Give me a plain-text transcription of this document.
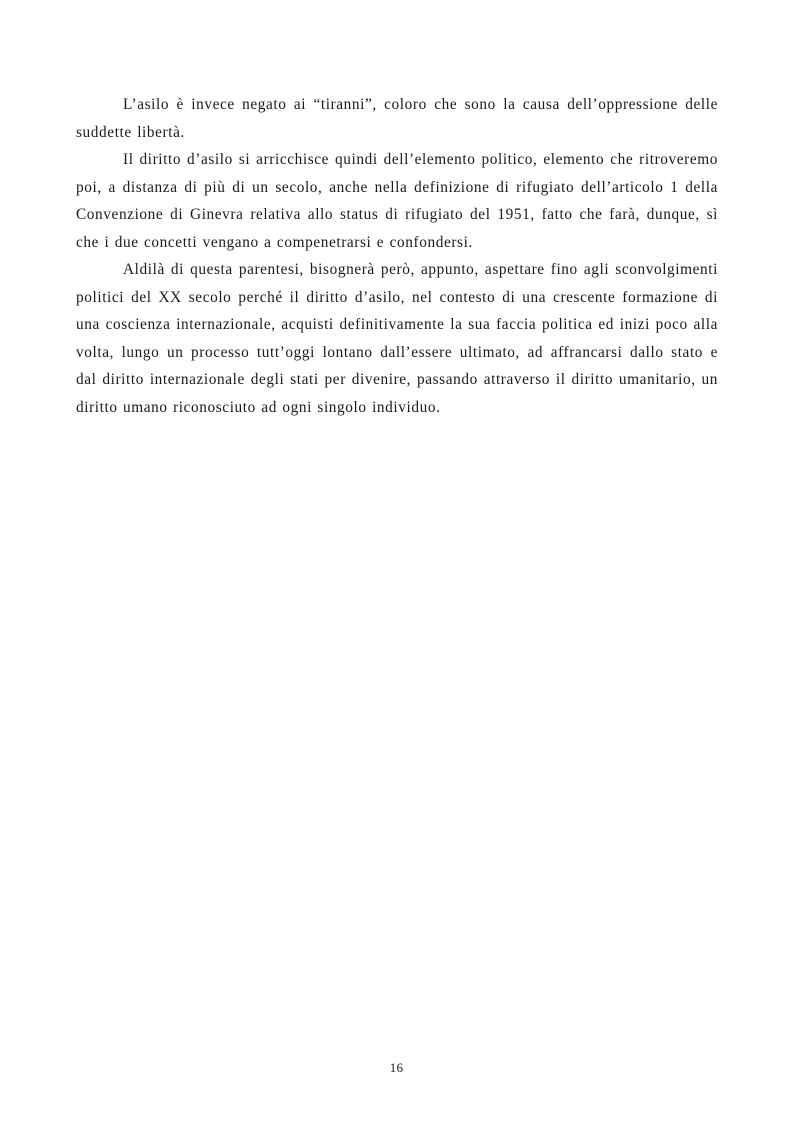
L’asilo è invece negato ai “tiranni”, coloro che sono la causa dell’oppressione delle suddette libertà.

Il diritto d’asilo si arricchisce quindi dell’elemento politico, elemento che ritroveremo poi, a distanza di più di un secolo, anche nella definizione di rifugiato dell’articolo 1 della Convenzione di Ginevra relativa allo status di rifugiato del 1951, fatto che farà, dunque, sì che i due concetti vengano a compenetrarsi e confondersi.

Aldilà di questa parentesi, bisognerà però, appunto, aspettare fino agli sconvolgimenti politici del XX secolo perché il diritto d’asilo, nel contesto di una crescente formazione di una coscienza internazionale, acquisti definitivamente la sua faccia politica ed inizi poco alla volta, lungo un processo tutt’oggi lontano dall’essere ultimato, ad affrancarsi dallo stato e dal diritto internazionale degli stati per divenire, passando attraverso il diritto umanitario, un diritto umano riconosciuto ad ogni singolo individuo.

16
